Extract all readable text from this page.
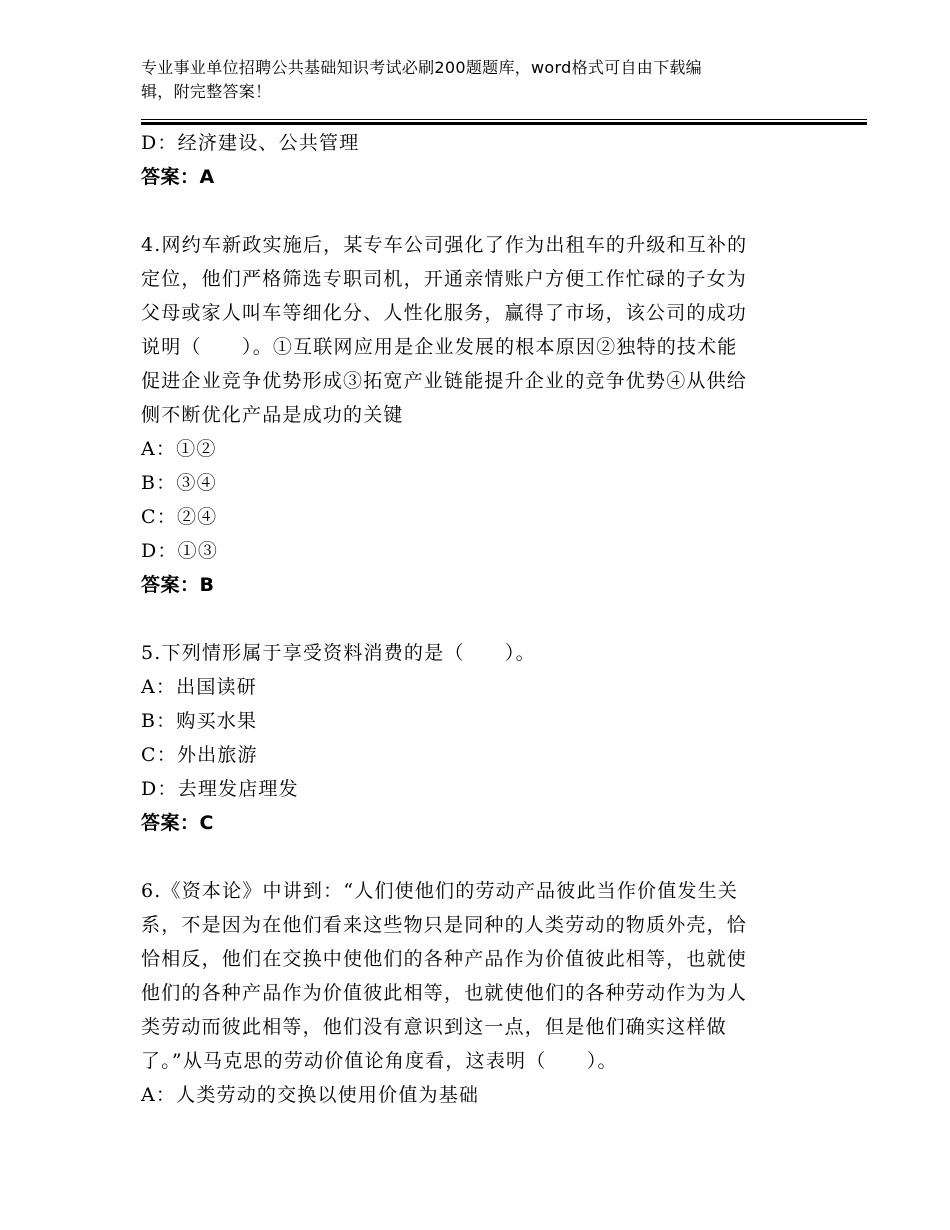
专业事业单位招聘公共基础知识考试必刷200题题库，word格式可自由下载编
辑，附完整答案！
D：经济建设、公共管理
答案：A
4.网约车新政实施后，某专车公司强化了作为出租车的升级和互补的
定位，他们严格筛选专职司机，开通亲情账户方便工作忙碌的子女为
父母或家人叫车等细化分、人性化服务，赢得了市场，该公司的成功
说明（　　）。①互联网应用是企业发展的根本原因②独特的技术能
促进企业竞争优势形成③拓宽产业链能提升企业的竞争优势④从供给
侧不断优化产品是成功的关键
A：①②
B：③④
C：②④
D：①③
答案：B
5.下列情形属于享受资料消费的是（　　）。
A：出国读研
B：购买水果
C：外出旅游
D：去理发店理发
答案：C
6.《资本论》中讲到：“人们使他们的劳动产品彼此当作价值发生关
系，不是因为在他们看来这些物只是同种的人类劳动的物质外壳，恰
恰相反，他们在交换中使他们的各种产品作为价值彼此相等，也就使
他们的各种产品作为价值彼此相等，也就使他们的各种劳动作为为人
类劳动而彼此相等，他们没有意识到这一点，但是他们确实这样做
了。”从马克思的劳动价值论角度看，这表明（　　）。
A：人类劳动的交换以使用价值为基础
